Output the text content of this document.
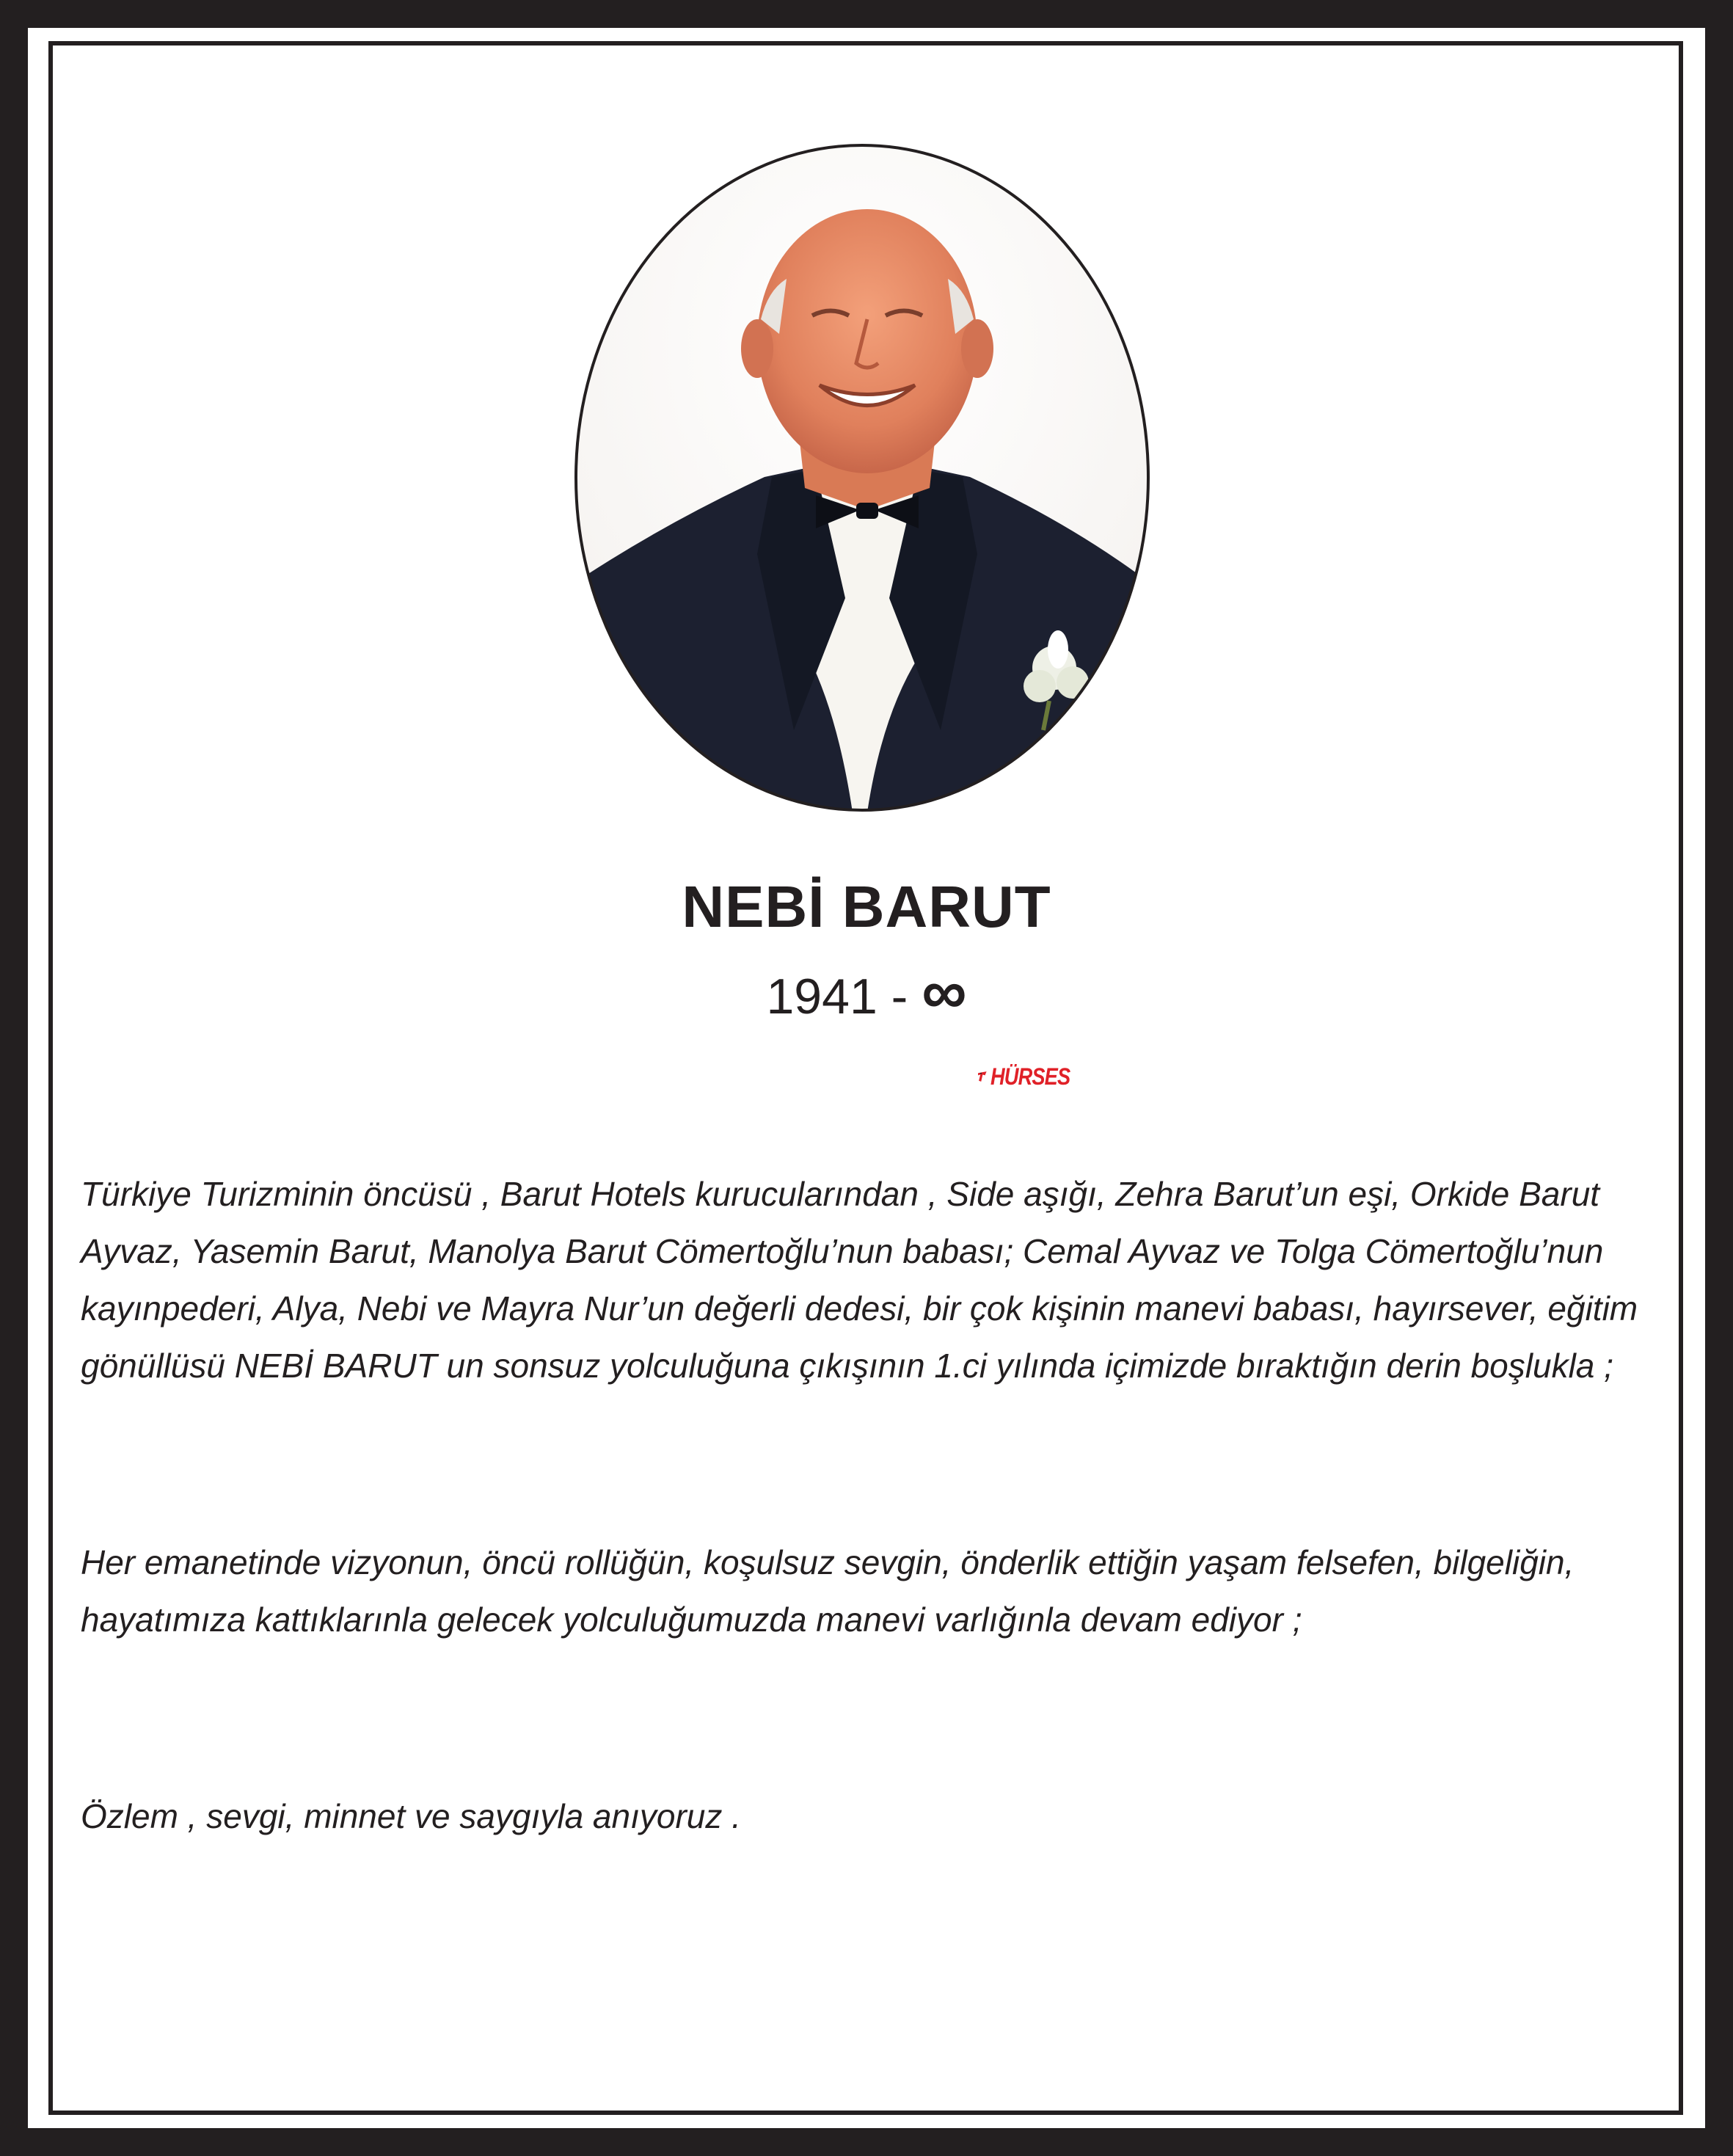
NEBİ BARUT
1941 - ∞
HÜRSES

Türkiye Turizminin öncüsü , Barut Hotels kurucularından , Side aşığı, Zehra Barut’un eşi, Orkide Barut Ayvaz, Yasemin Barut, Manolya Barut Cömertoğlu’nun babası; Cemal Ayvaz ve Tolga Cömertoğlu’nun kayınpederi, Alya, Nebi ve Mayra Nur’un değerli dedesi, bir çok kişinin manevi babası, hayırsever, eğitim gönüllüsü NEBİ BARUT un sonsuz yolculuğuna çıkışının 1.ci yılında içimizde bıraktığın derin boşlukla ;

Her emanetinde vizyonun, öncü rollüğün, koşulsuz sevgin, önderlik ettiğin yaşam felsefen, bilgeliğin, hayatımıza kattıklarınla gelecek yolculuğumuzda manevi varlığınla devam ediyor ;

Özlem , sevgi, minnet ve saygıyla anıyoruz .
